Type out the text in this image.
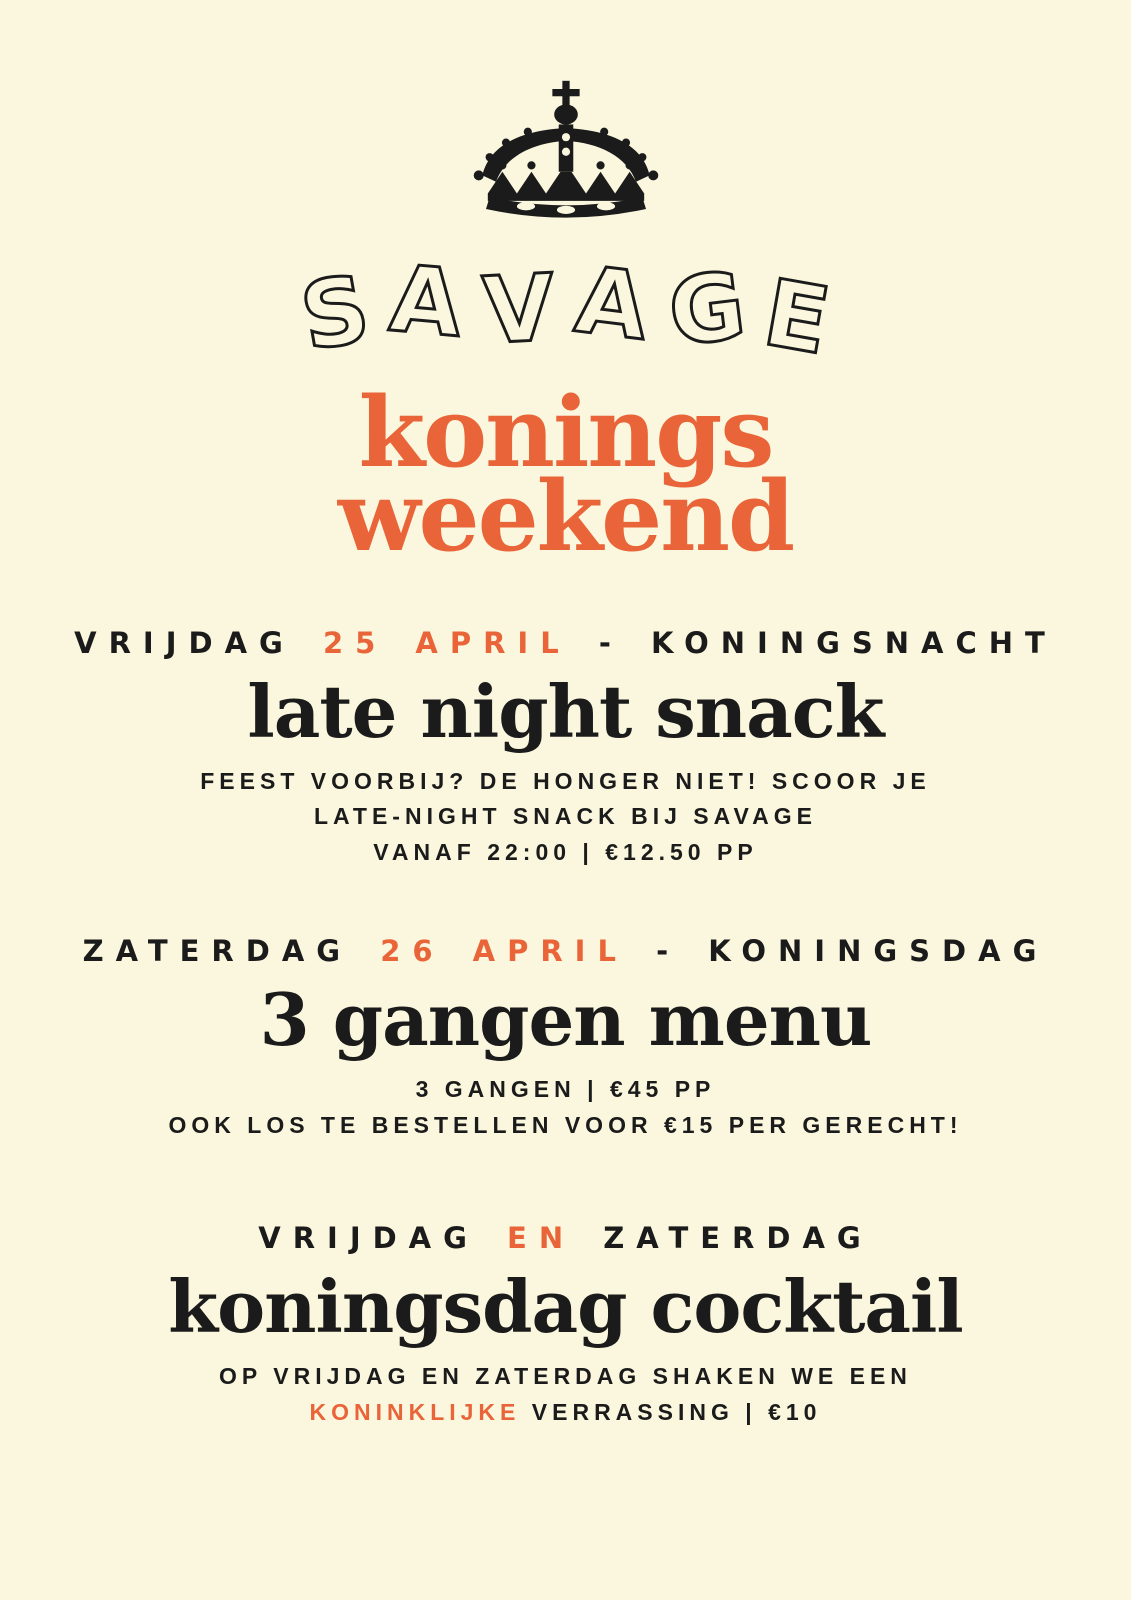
S A V A G E
konings
weekend
VRIJDAG 25 APRIL - KONINGSNACHT
late night snack
FEEST VOORBIJ? DE HONGER NIET! SCOOR JE
LATE-NIGHT SNACK BIJ SAVAGE
VANAF 22:00 | €12.50 PP
ZATERDAG 26 APRIL - KONINGSDAG
3 gangen menu
3 GANGEN | €45 PP
OOK LOS TE BESTELLEN VOOR €15 PER GERECHT!
VRIJDAG EN ZATERDAG
koningsdag cocktail
OP VRIJDAG EN ZATERDAG SHAKEN WE EEN
KONINKLIJKE VERRASSING | €10
